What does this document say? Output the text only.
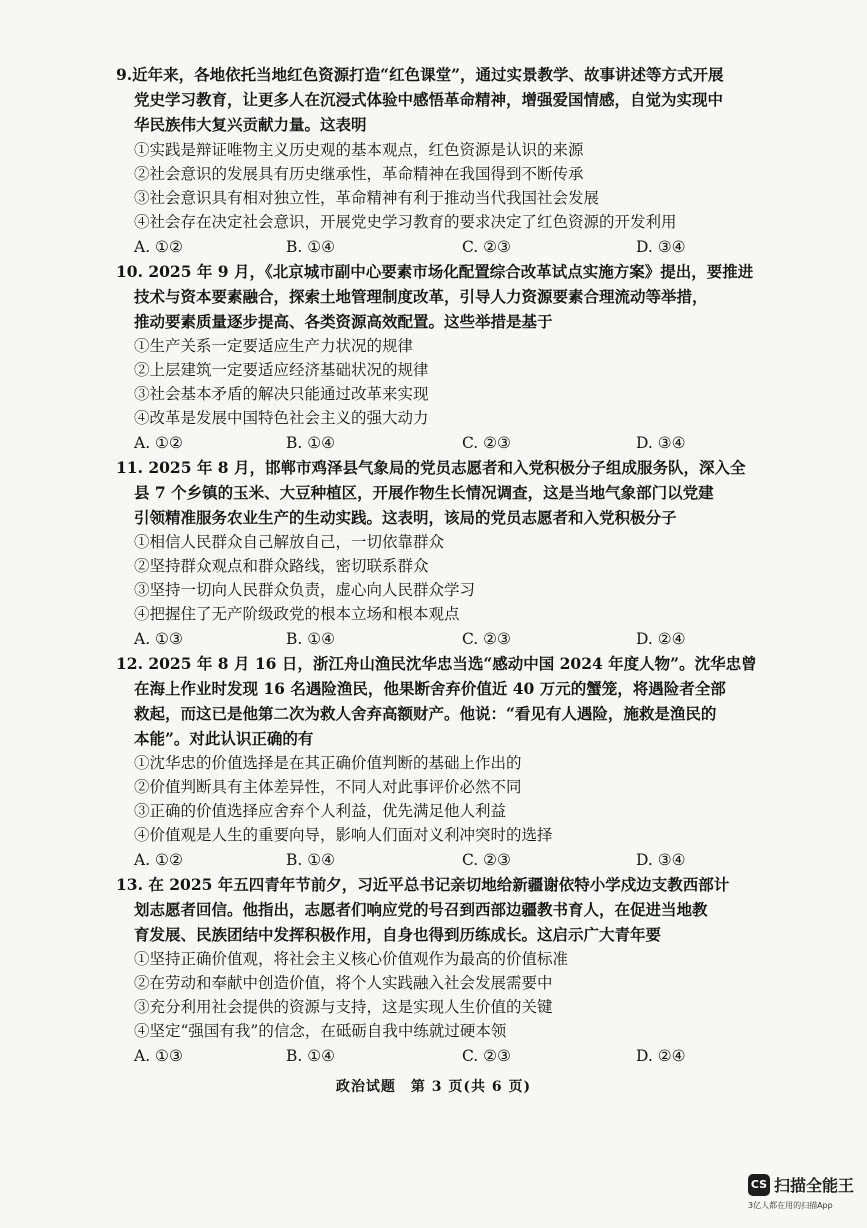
9.近年来，各地依托当地红色资源打造“红色课堂”，通过实景教学、故事讲述等方式开展
党史学习教育，让更多人在沉浸式体验中感悟革命精神，增强爱国情感，自觉为实现中
华民族伟大复兴贡献力量。这表明
①实践是辩证唯物主义历史观的基本观点，红色资源是认识的来源
②社会意识的发展具有历史继承性，革命精神在我国得到不断传承
③社会意识具有相对独立性，革命精神有利于推动当代我国社会发展
④社会存在决定社会意识，开展党史学习教育的要求决定了红色资源的开发利用
A. ①②	B. ①④	C. ②③	D. ③④
10. 2025 年 9 月，《北京城市副中心要素市场化配置综合改革试点实施方案》提出，要推进
技术与资本要素融合，探索土地管理制度改革，引导人力资源要素合理流动等举措，
推动要素质量逐步提高、各类资源高效配置。这些举措是基于
①生产关系一定要适应生产力状况的规律
②上层建筑一定要适应经济基础状况的规律
③社会基本矛盾的解决只能通过改革来实现
④改革是发展中国特色社会主义的强大动力
A. ①②	B. ①④	C. ②③	D. ③④
11. 2025 年 8 月，邯郸市鸡泽县气象局的党员志愿者和入党积极分子组成服务队，深入全
县 7 个乡镇的玉米、大豆种植区，开展作物生长情况调查，这是当地气象部门以党建
引领精准服务农业生产的生动实践。这表明，该局的党员志愿者和入党积极分子
①相信人民群众自己解放自己，一切依靠群众
②坚持群众观点和群众路线，密切联系群众
③坚持一切向人民群众负责，虚心向人民群众学习
④把握住了无产阶级政党的根本立场和根本观点
A. ①③	B. ①④	C. ②③	D. ②④
12. 2025 年 8 月 16 日，浙江舟山渔民沈华忠当选“感动中国 2024 年度人物”。沈华忠曾
在海上作业时发现 16 名遇险渔民，他果断舍弃价值近 40 万元的蟹笼，将遇险者全部
救起，而这已是他第二次为救人舍弃高额财产。他说：“看见有人遇险，施救是渔民的
本能”。对此认识正确的有
①沈华忠的价值选择是在其正确价值判断的基础上作出的
②价值判断具有主体差异性，不同人对此事评价必然不同
③正确的价值选择应舍弃个人利益，优先满足他人利益
④价值观是人生的重要向导，影响人们面对义利冲突时的选择
A. ①②	B. ①④	C. ②③	D. ③④
13. 在 2025 年五四青年节前夕，习近平总书记亲切地给新疆谢依特小学戍边支教西部计
划志愿者回信。他指出，志愿者们响应党的号召到西部边疆教书育人，在促进当地教
育发展、民族团结中发挥积极作用，自身也得到历练成长。这启示广大青年要
①坚持正确价值观，将社会主义核心价值观作为最高的价值标准
②在劳动和奉献中创造价值，将个人实践融入社会发展需要中
③充分利用社会提供的资源与支持，这是实现人生价值的关键
④坚定“强国有我”的信念，在砥砺自我中练就过硬本领
A. ①③	B. ①④	C. ②③	D. ②④
政治试题　第 3 页(共 6 页)
CS 扫描全能王
3亿人都在用的扫描App
